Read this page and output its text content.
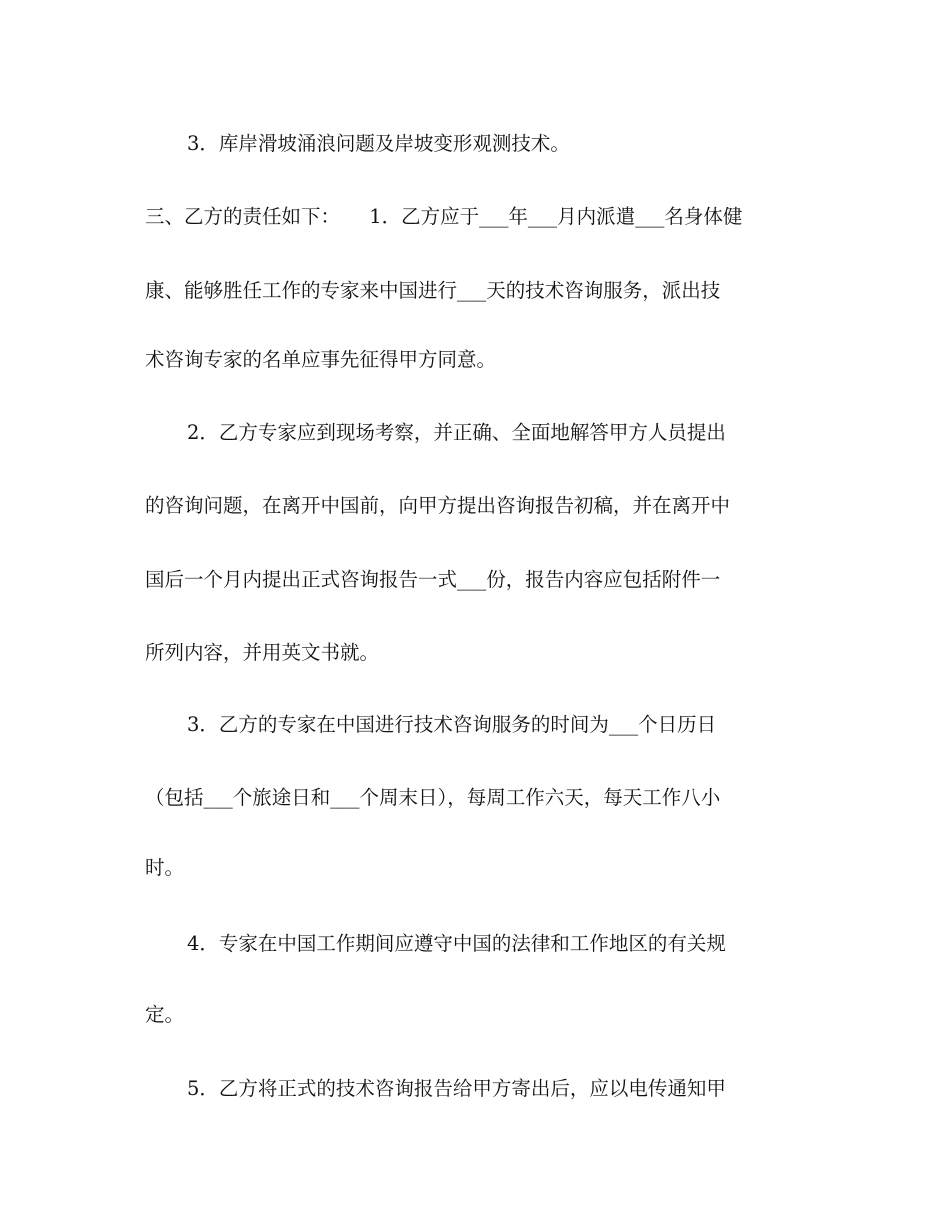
3．库岸滑坡涌浪问题及岸坡变形观测技术。
三、乙方的责任如下：　　1．乙方应于___年___月内派遣___名身体健
康、能够胜任工作的专家来中国进行___天的技术咨询服务，派出技
术咨询专家的名单应事先征得甲方同意。
2．乙方专家应到现场考察，并正确、全面地解答甲方人员提出
的咨询问题，在离开中国前，向甲方提出咨询报告初稿，并在离开中
国后一个月内提出正式咨询报告一式___份，报告内容应包括附件一
所列内容，并用英文书就。
3．乙方的专家在中国进行技术咨询服务的时间为___个日历日
（包括___个旅途日和___个周末日），每周工作六天，每天工作八小
时。
4．专家在中国工作期间应遵守中国的法律和工作地区的有关规
定。
5．乙方将正式的技术咨询报告给甲方寄出后，应以电传通知甲
